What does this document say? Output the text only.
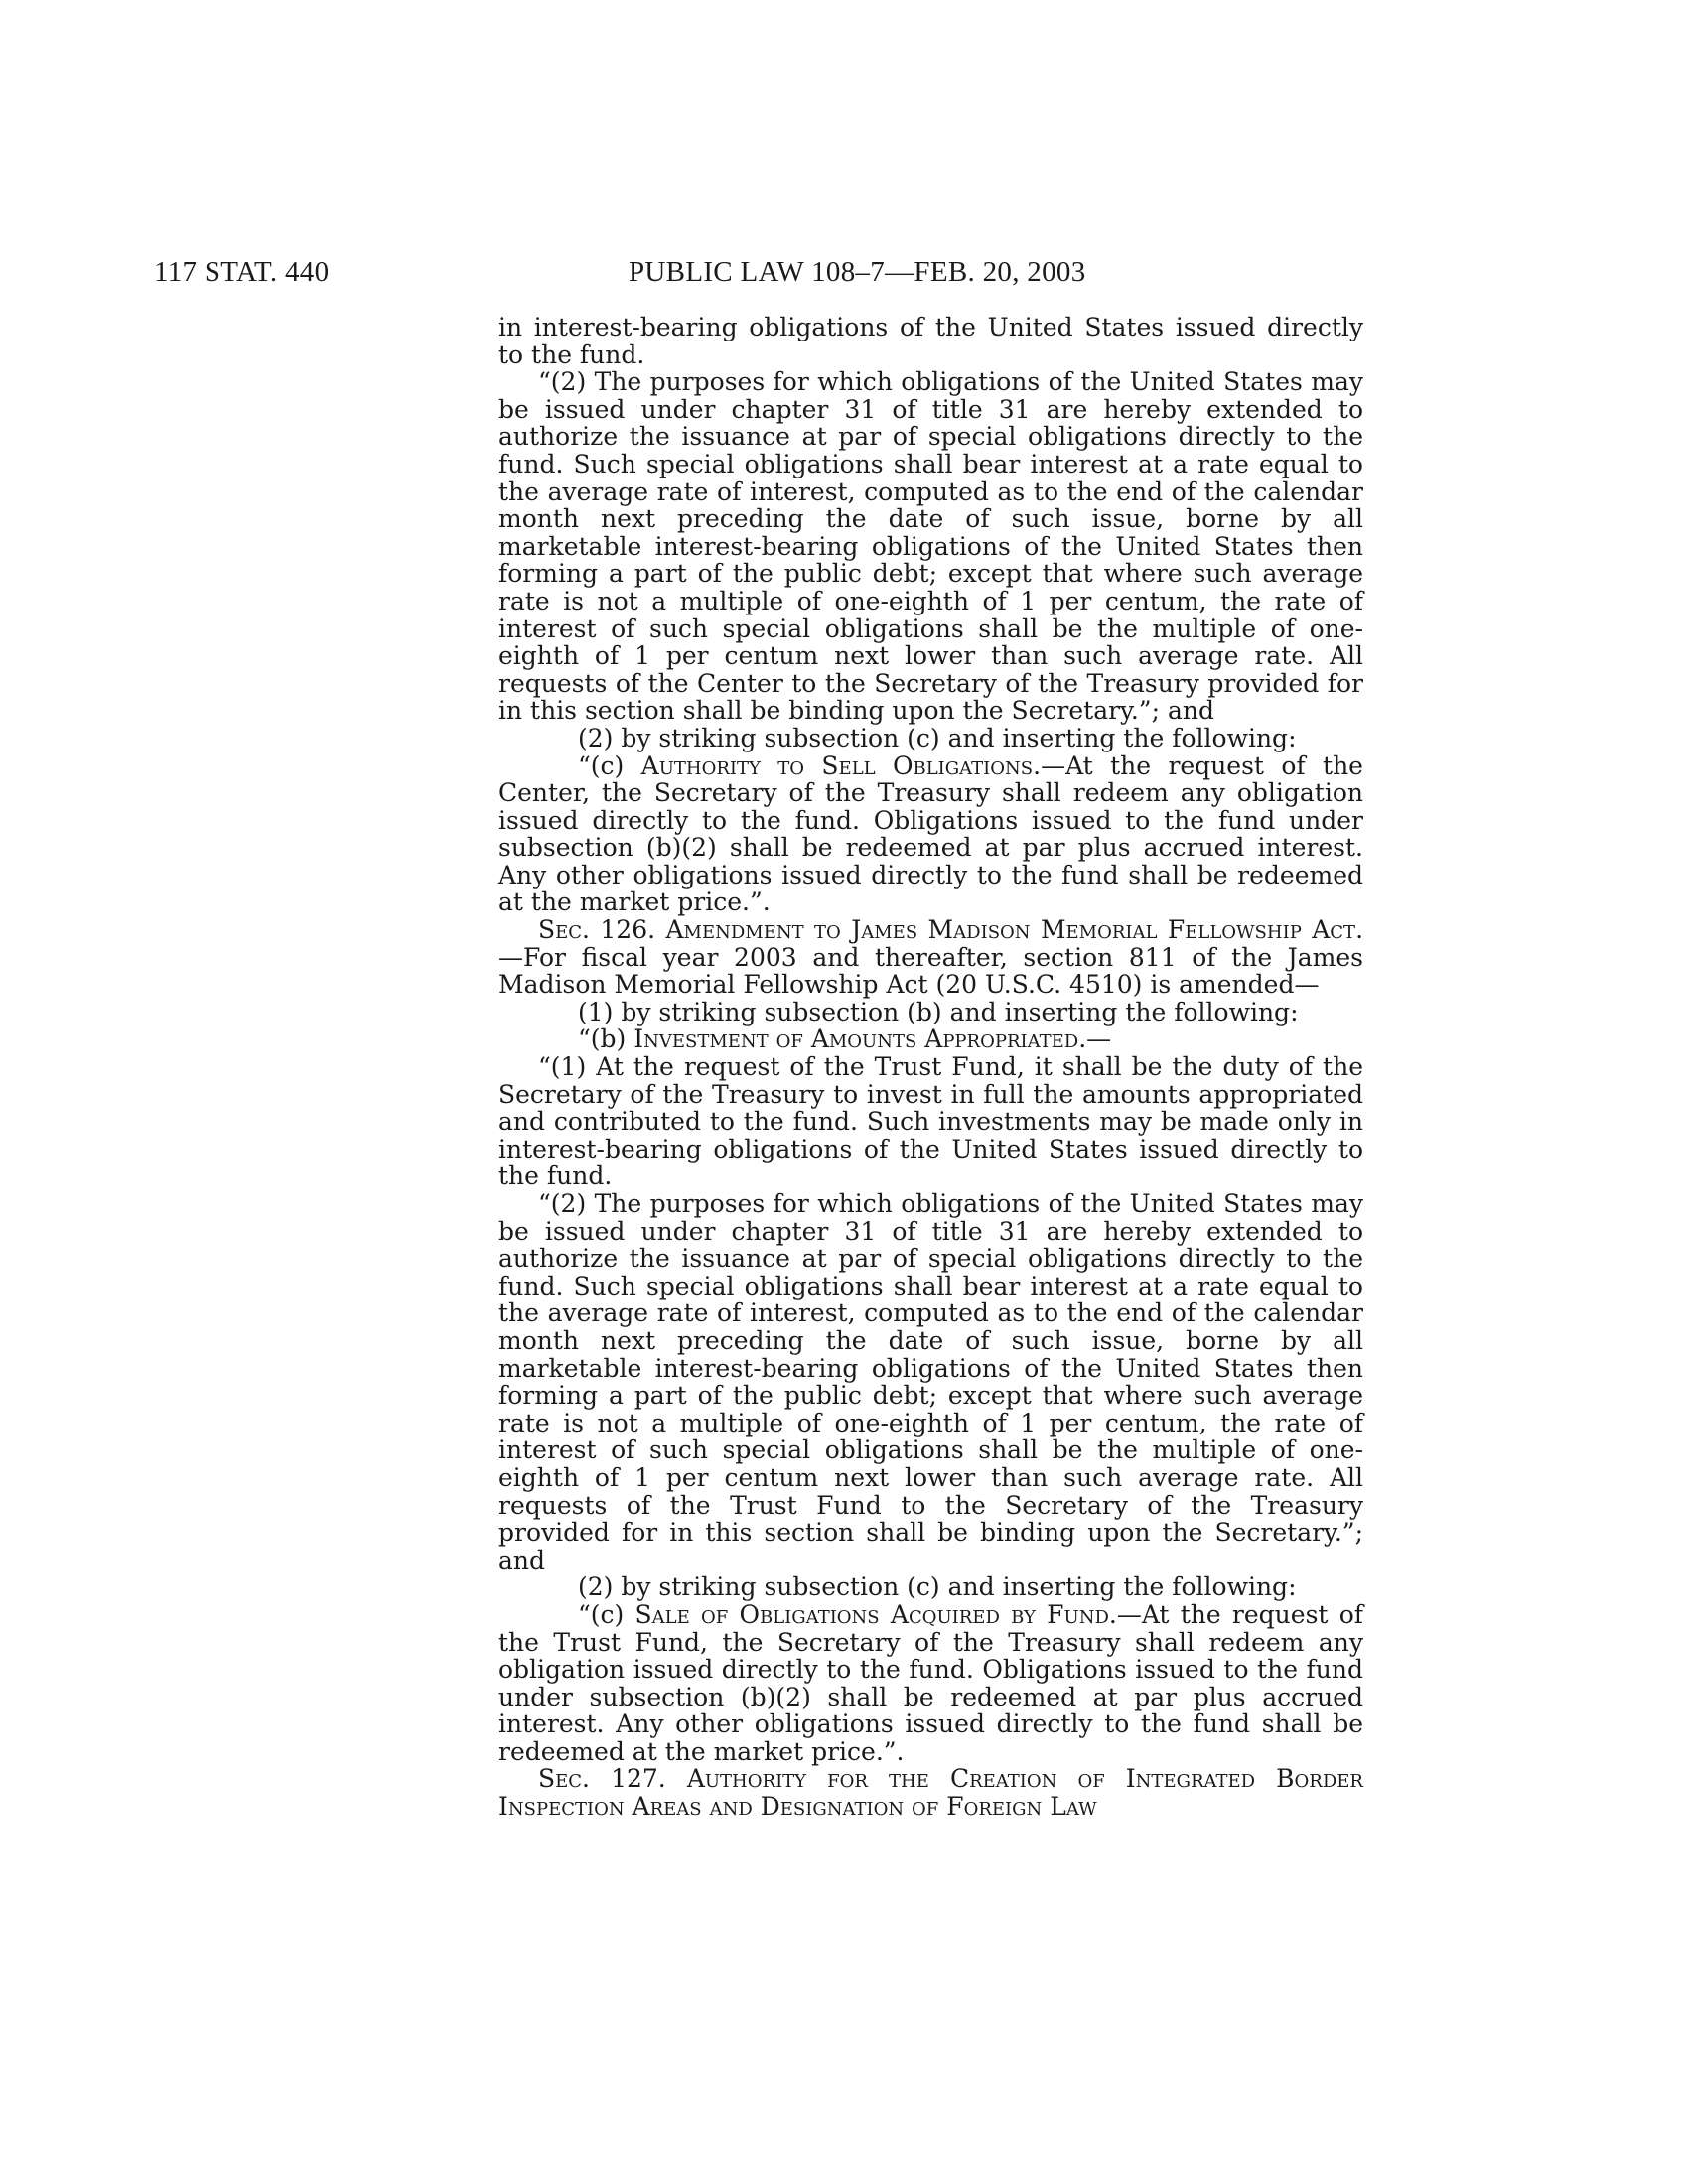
117 STAT. 440	PUBLIC LAW 108–7—FEB. 20, 2003

in interest-bearing obligations of the United States issued directly to the fund.

“(2) The purposes for which obligations of the United States may be issued under chapter 31 of title 31 are hereby extended to authorize the issuance at par of special obligations directly to the fund. Such special obligations shall bear interest at a rate equal to the average rate of interest, computed as to the end of the calendar month next preceding the date of such issue, borne by all marketable interest-bearing obligations of the United States then forming a part of the public debt; except that where such average rate is not a multiple of one-eighth of 1 per centum, the rate of interest of such special obligations shall be the multiple of one-eighth of 1 per centum next lower than such average rate. All requests of the Center to the Secretary of the Treasury provided for in this section shall be binding upon the Secretary.”; and

(2) by striking subsection (c) and inserting the following:

“(c) Authority to Sell Obligations.—At the request of the Center, the Secretary of the Treasury shall redeem any obligation issued directly to the fund. Obligations issued to the fund under subsection (b)(2) shall be redeemed at par plus accrued interest. Any other obligations issued directly to the fund shall be redeemed at the market price.”.

Sec. 126. Amendment to James Madison Memorial Fellowship Act.—For fiscal year 2003 and thereafter, section 811 of the James Madison Memorial Fellowship Act (20 U.S.C. 4510) is amended—

(1) by striking subsection (b) and inserting the following:

“(b) Investment of Amounts Appropriated.—

“(1) At the request of the Trust Fund, it shall be the duty of the Secretary of the Treasury to invest in full the amounts appropriated and contributed to the fund. Such investments may be made only in interest-bearing obligations of the United States issued directly to the fund.

“(2) The purposes for which obligations of the United States may be issued under chapter 31 of title 31 are hereby extended to authorize the issuance at par of special obligations directly to the fund. Such special obligations shall bear interest at a rate equal to the average rate of interest, computed as to the end of the calendar month next preceding the date of such issue, borne by all marketable interest-bearing obligations of the United States then forming a part of the public debt; except that where such average rate is not a multiple of one-eighth of 1 per centum, the rate of interest of such special obligations shall be the multiple of one-eighth of 1 per centum next lower than such average rate. All requests of the Trust Fund to the Secretary of the Treasury provided for in this section shall be binding upon the Secretary.”; and

(2) by striking subsection (c) and inserting the following:

“(c) Sale of Obligations Acquired by Fund.—At the request of the Trust Fund, the Secretary of the Treasury shall redeem any obligation issued directly to the fund. Obligations issued to the fund under subsection (b)(2) shall be redeemed at par plus accrued interest. Any other obligations issued directly to the fund shall be redeemed at the market price.”.

Sec. 127. Authority for the Creation of Integrated Border Inspection Areas and Designation of Foreign Law
